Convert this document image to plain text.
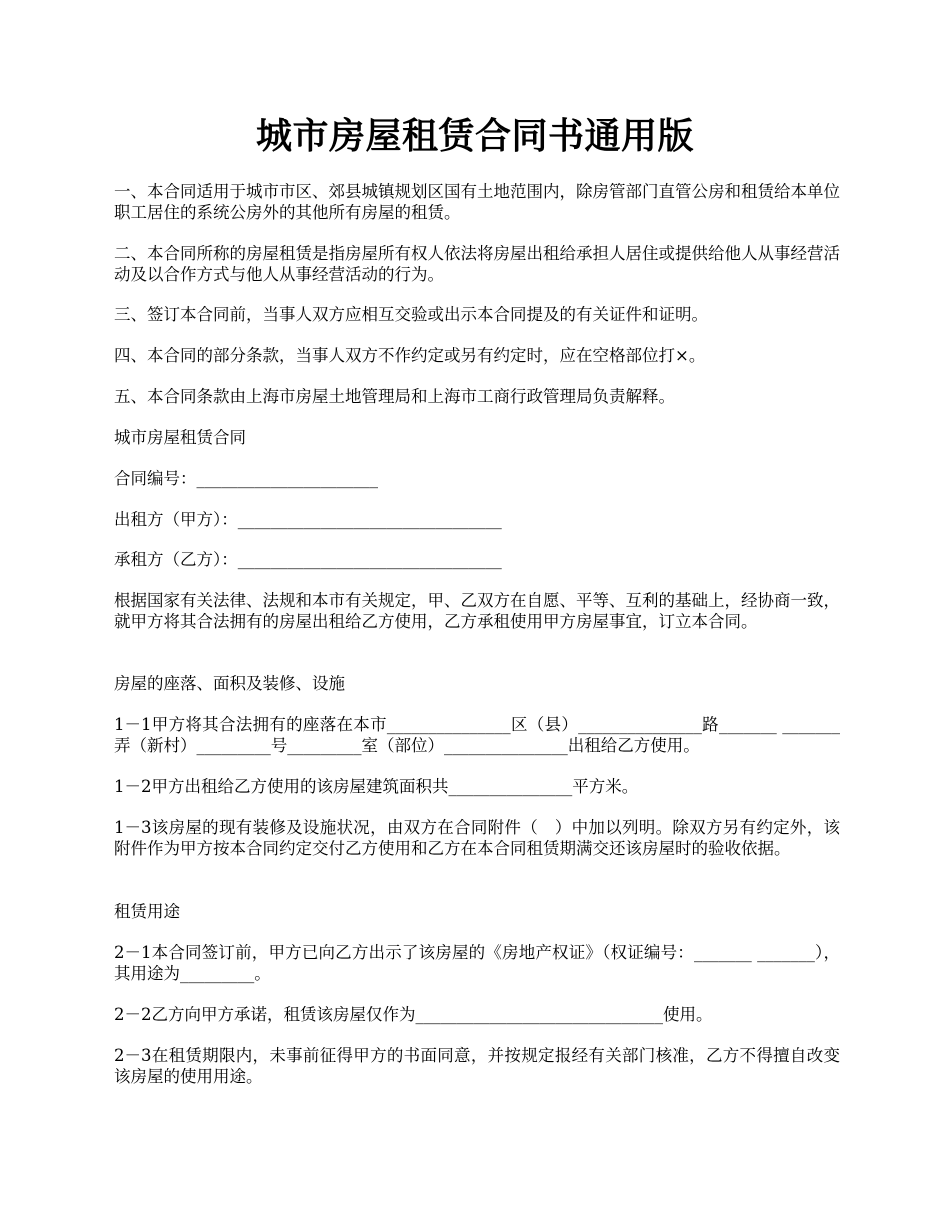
城市房屋租赁合同书通用版
一、本合同适用于城市市区、郊县城镇规划区国有土地范围内，除房管部门直管公房和租赁给本单位职工居住的系统公房外的其他所有房屋的租赁。
二、本合同所称的房屋租赁是指房屋所有权人依法将房屋出租给承担人居住或提供给他人从事经营活动及以合作方式与他人从事经营活动的行为。
三、签订本合同前，当事人双方应相互交验或出示本合同提及的有关证件和证明。
四、本合同的部分条款，当事人双方不作约定或另有约定时，应在空格部位打×。
五、本合同条款由上海市房屋土地管理局和上海市工商行政管理局负责解释。
城市房屋租赁合同
合同编号：______________________
出租方（甲方）：________________________________
承租方（乙方）：________________________________
根据国家有关法律、法规和本市有关规定，甲、乙双方在自愿、平等、互利的基础上，经协商一致，就甲方将其合法拥有的房屋出租给乙方使用，乙方承租使用甲方房屋事宜，订立本合同。
房屋的座落、面积及装修、设施
1－1甲方将其合法拥有的座落在本市_______________区（县）_______________路_______ _______弄（新村）_________号_________室（部位）_______________出租给乙方使用。
1－2甲方出租给乙方使用的该房屋建筑面积共_______________平方米。
1－3该房屋的现有装修及设施状况，由双方在合同附件（　）中加以列明。除双方另有约定外，该附件作为甲方按本合同约定交付乙方使用和乙方在本合同租赁期满交还该房屋时的验收依据。
租赁用途
2－1本合同签订前，甲方已向乙方出示了该房屋的《房地产权证》（权证编号：_______ _______），其用途为_________。
2－2乙方向甲方承诺，租赁该房屋仅作为______________________________使用。
2－3在租赁期限内，未事前征得甲方的书面同意，并按规定报经有关部门核准，乙方不得擅自改变该房屋的使用用途。
